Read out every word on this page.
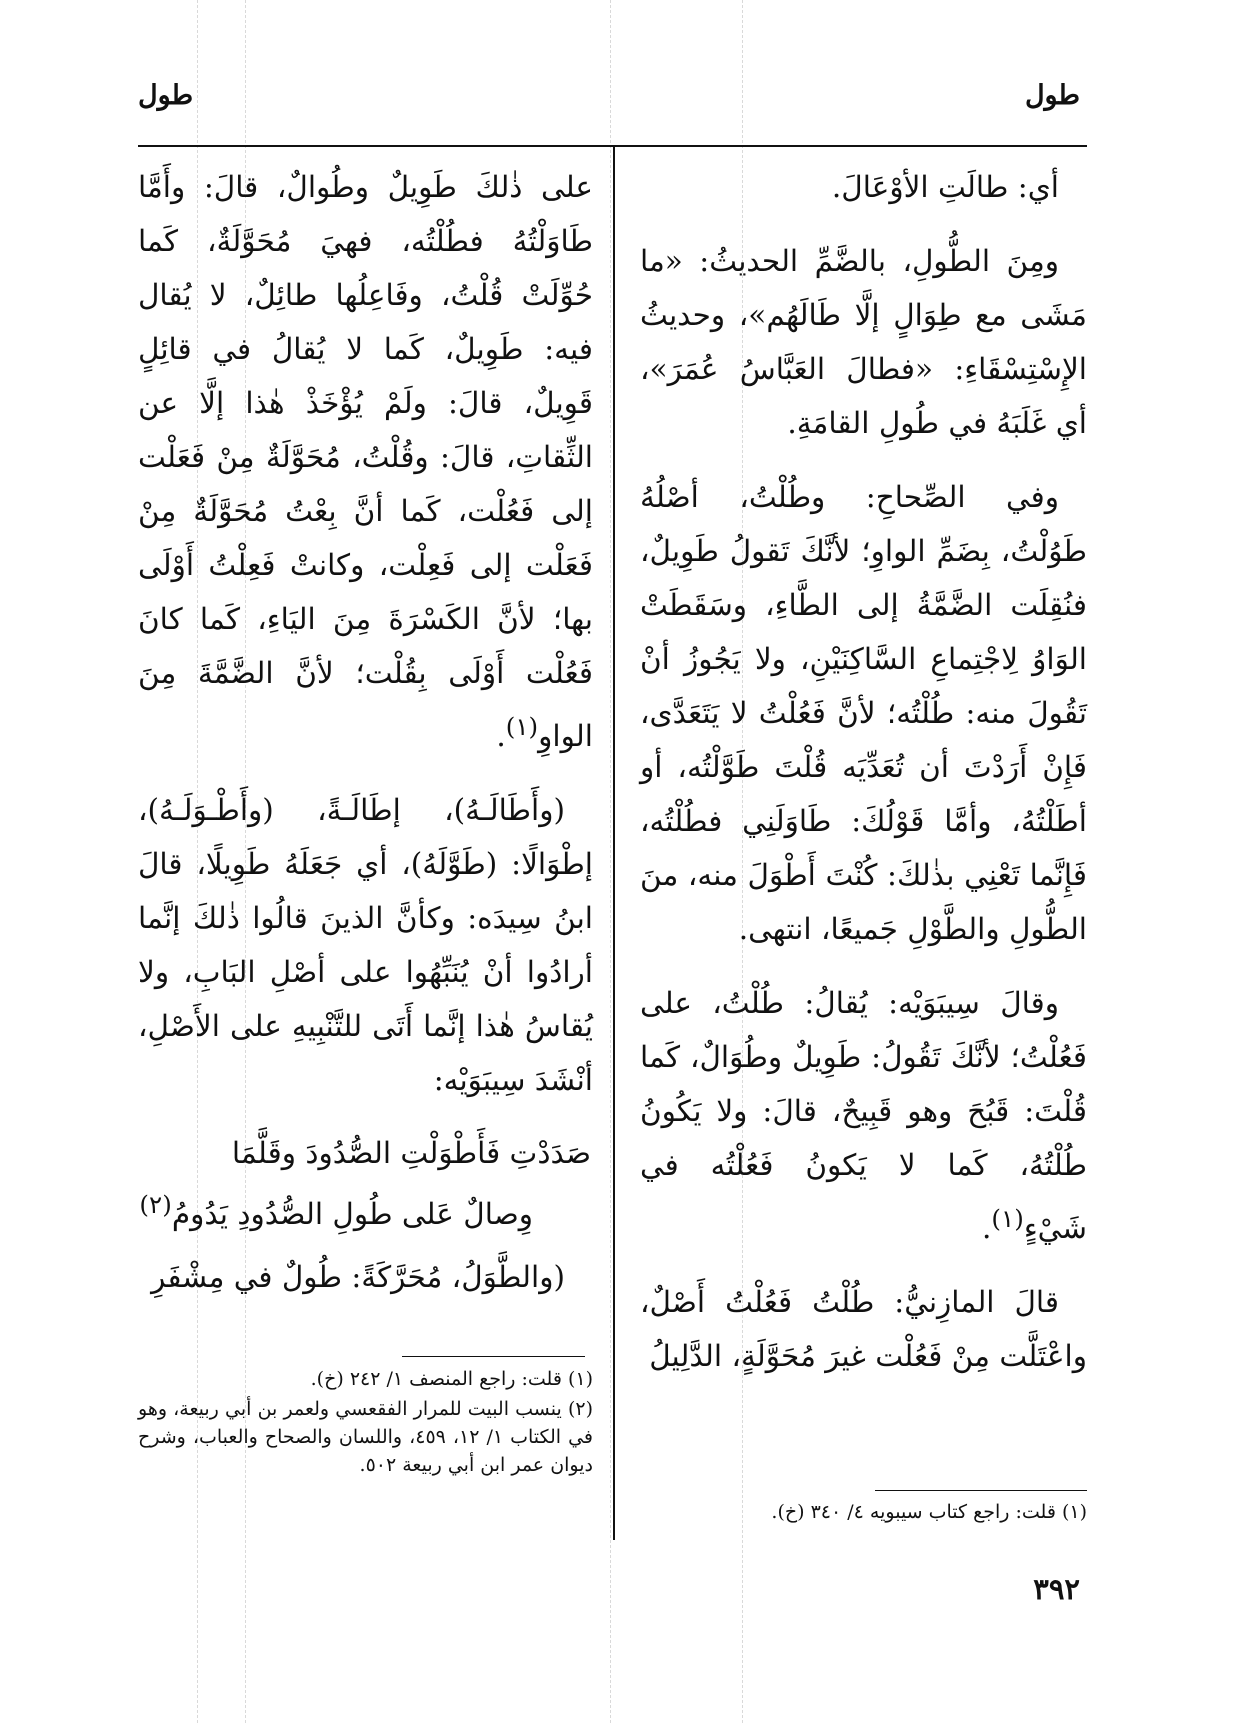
طول	طول

أي: طالَتِ الأوْعَالَ.

ومِنَ الطُّولِ، بالضَّمِّ الحديثُ: «ما مَشَى مع طِوَالٍ إلَّا طَالَهُم»، وحديثُ الإِسْتِسْقَاءِ: «فطالَ العَبَّاسُ عُمَرَ»، أي غَلَبَهُ في طُولِ القامَةِ.

وفي الصِّحاحِ: وطُلْتُ، أصْلُهُ طَوُلْتُ، بِضَمِّ الواوِ؛ لأنَّكَ تَقولُ طَوِيلٌ، فنُقِلَت الضَّمَّةُ إلى الطَّاءِ، وسَقَطَتْ الوَاوُ لِاجْتِماعِ السَّاكِنَيْنِ، ولا يَجُوزُ أنْ تَقُولَ منه: طُلْتُه؛ لأنَّ فَعُلْتُ لا يَتَعَدَّى، فَإِنْ أَرَدْتَ أن تُعَدِّيَه قُلْتَ طَوَّلْتُه، أو أطَلْتُهُ، وأمَّا قَوْلُكَ: طَاوَلَنِي فطُلْتُه، فَإِنَّما تَعْنِي بذٰلكَ: كُنْتَ أَطْوَلَ منه، منَ الطُّولِ والطَّوْلِ جَميعًا، انتهى.

وقالَ سِيبَوَيْه: يُقالُ: طُلْتُ، على فَعُلْتُ؛ لأنَّكَ تَقُولُ: طَوِيلٌ وطُوَالٌ، كَما قُلْتَ: قَبُحَ وهو قَبِيحٌ، قالَ: ولا يَكُونُ طُلْتُهُ، كَما لا يَكونُ فَعُلْتُه في شَيْءٍ$^{(١)}$.

قالَ المازِنيُّ: طُلْتُ فَعُلْتُ أَصْلٌ، واعْتَلَّت مِنْ فَعُلْت غيرَ مُحَوَّلَةٍ، الدَّلِيلُ

على ذٰلكَ طَوِيلٌ وطُوالٌ، قالَ: وأَمَّا طَاوَلْتُهُ فطُلْتُه، فهيَ مُحَوَّلَةٌ، كَما حُوِّلَتْ قُلْتُ، وفَاعِلُها طائِلٌ، لا يُقال فيه: طَوِيلٌ، كَما لا يُقالُ في قائِلٍ قَوِيلٌ، قالَ: ولَمْ يُؤْخَذْ هٰذا إلَّا عن الثِّقاتِ، قالَ: وقُلْتُ، مُحَوَّلَةٌ مِنْ فَعَلْت إلى فَعُلْت، كَما أنَّ بِعْتُ مُحَوَّلَةٌ مِنْ فَعَلْت إلى فَعِلْت، وكانتْ فَعِلْتُ أَوْلَى بها؛ لأنَّ الكَسْرَةَ مِنَ اليَاءِ، كَما كانَ فَعُلْت أَوْلَى بِقُلْت؛ لأنَّ الضَّمَّةَ مِنَ الواوِ$^{(١)}$.

(وأَطَالَـهُ)، إطَالَـةً، (وأَطْـوَلَـهُ)، إطْوَالًا: (طَوَّلَهُ)، أي جَعَلَهُ طَوِيلًا، قالَ ابنُ سِيدَه: وكأنَّ الذينَ قالُوا ذٰلكَ إنَّما أرادُوا أنْ يُنَبِّهُوا على أصْلِ البَابِ، ولا يُقاسُ هٰذا إنَّما أَتَى للتَّنْبِيهِ على الأَصْلِ، أنْشَدَ سِيبَوَيْه:

صَدَدْتِ فَأَطْوَلْتِ الصُّدُودَ وقَلَّمَا
وِصالٌ عَلى طُولِ الصُّدُودِ يَدُومُ$^{(٢)}$

(والطَّوَلُ، مُحَرَّكَةً: طُولٌ في مِشْفَرِ

(١) قلت: راجع المنصف ١/ ٢٤٢ (خ).
(٢) ينسب البيت للمرار الفقعسي ولعمر بن أبي ربيعة، وهو في الكتاب ١/ ١٢، ٤٥٩، واللسان والصحاح والعباب، وشرح ديوان عمر ابن أبي ربيعة ٥٠٢.
(١) قلت: راجع كتاب سيبويه ٤/ ٣٤٠ (خ).
٣٩٢
